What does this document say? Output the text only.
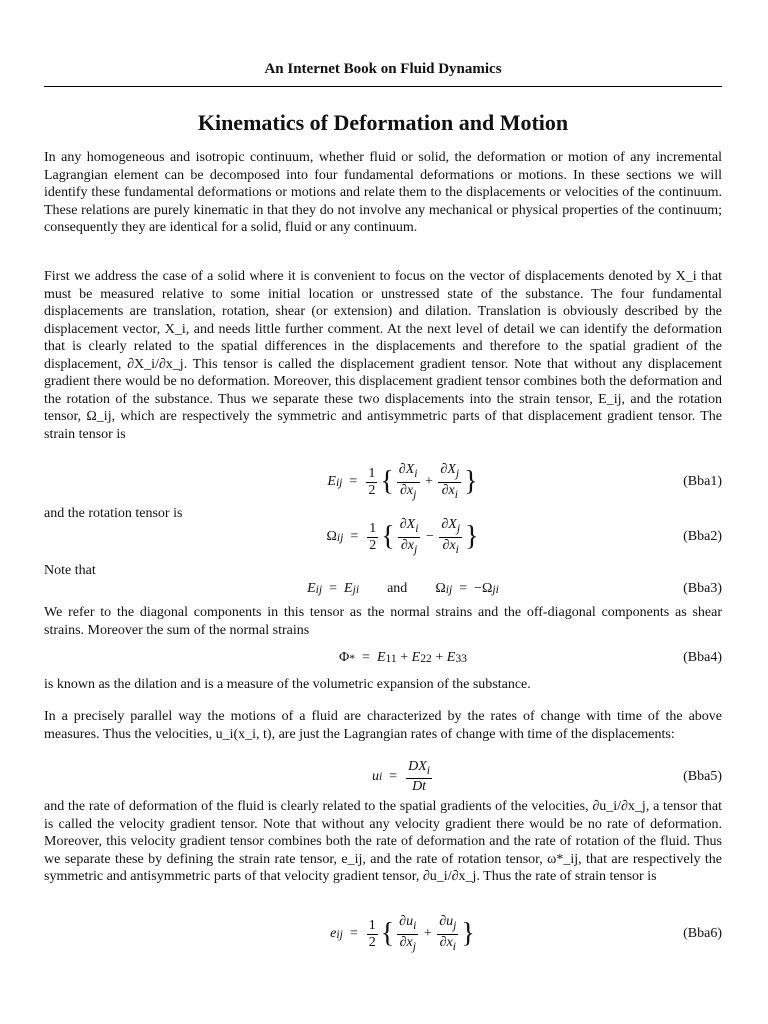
An Internet Book on Fluid Dynamics
Kinematics of Deformation and Motion

In any homogeneous and isotropic continuum, whether fluid or solid, the deformation or motion of any incremental Lagrangian element can be decomposed into four fundamental deformations or motions. In these sections we will identify these fundamental deformations or motions and relate them to the displacements or velocities of the continuum. These relations are purely kinematic in that they do not involve any mechanical or physical properties of the continuum; consequently they are identical for a solid, fluid or any continuum.

First we address the case of a solid where it is convenient to focus on the vector of displacements denoted by X_i that must be measured relative to some initial location or unstressed state of the substance. The four fundamental displacements are translation, rotation, shear (or extension) and dilation. Translation is obviously described by the displacement vector, X_i, and needs little further comment. At the next level of detail we can identify the deformation that is clearly related to the spatial differences in the displacements and therefore to the spatial gradient of the displacement, ∂X_i/∂x_j. This tensor is called the displacement gradient tensor. Note that without any displacement gradient there would be no deformation. Moreover, this displacement gradient tensor combines both the deformation and the rotation of the substance. Thus we separate these two displacements into the strain tensor, E_ij, and the rotation tensor, Ω_ij, which are respectively the symmetric and antisymmetric parts of that displacement gradient tensor. The strain tensor is

E ij = $\frac{1}{2}$ { $\frac{\partial X_i}{\partial x_j} + \frac{\partial X_j}{\partial x_i}$ }	(Bba1)
and the rotation tensor is
Ω ij = $\frac{1}{2}$ { $\frac{\partial X_i}{\partial x_j} - \frac{\partial X_j}{\partial x_i}$ }	(Bba2)
Note that
E ij = E ji and Ω ij =  −Ω ji	(Bba3)

We refer to the diagonal components in this tensor as the normal strains and the off-diagonal components as shear strains. Moreover the sum of the normal strains

Φ * = E 11 + E 22 + E 33	(Bba4)

is known as the dilation and is a measure of the volumetric expansion of the substance.

In a precisely parallel way the motions of a fluid are characterized by the rates of change with time of the above measures. Thus the velocities, u_i(x_i, t), are just the Lagrangian rates of change with time of the displacements:

u $i = \frac{DX_i}{Dt}$	(Bba5)

and the rate of deformation of the fluid is clearly related to the spatial gradients of the velocities, ∂u_i/∂x_j, a tensor that is called the velocity gradient tensor. Note that without any velocity gradient there would be no rate of deformation. Moreover, this velocity gradient tensor combines both the rate of deformation and the rate of rotation of the fluid. Thus we separate these by defining the strain rate tensor, e_ij, and the rate of rotation tensor, ω*_ij, that are respectively the symmetric and antisymmetric parts of that velocity gradient tensor, ∂u_i/∂x_j. Thus the rate of strain tensor is

e ij = $\frac{1}{2}$ { $\frac{\partial u_i}{\partial x_j} + \frac{\partial u_j}{\partial x_i}$ }	(Bba6)
